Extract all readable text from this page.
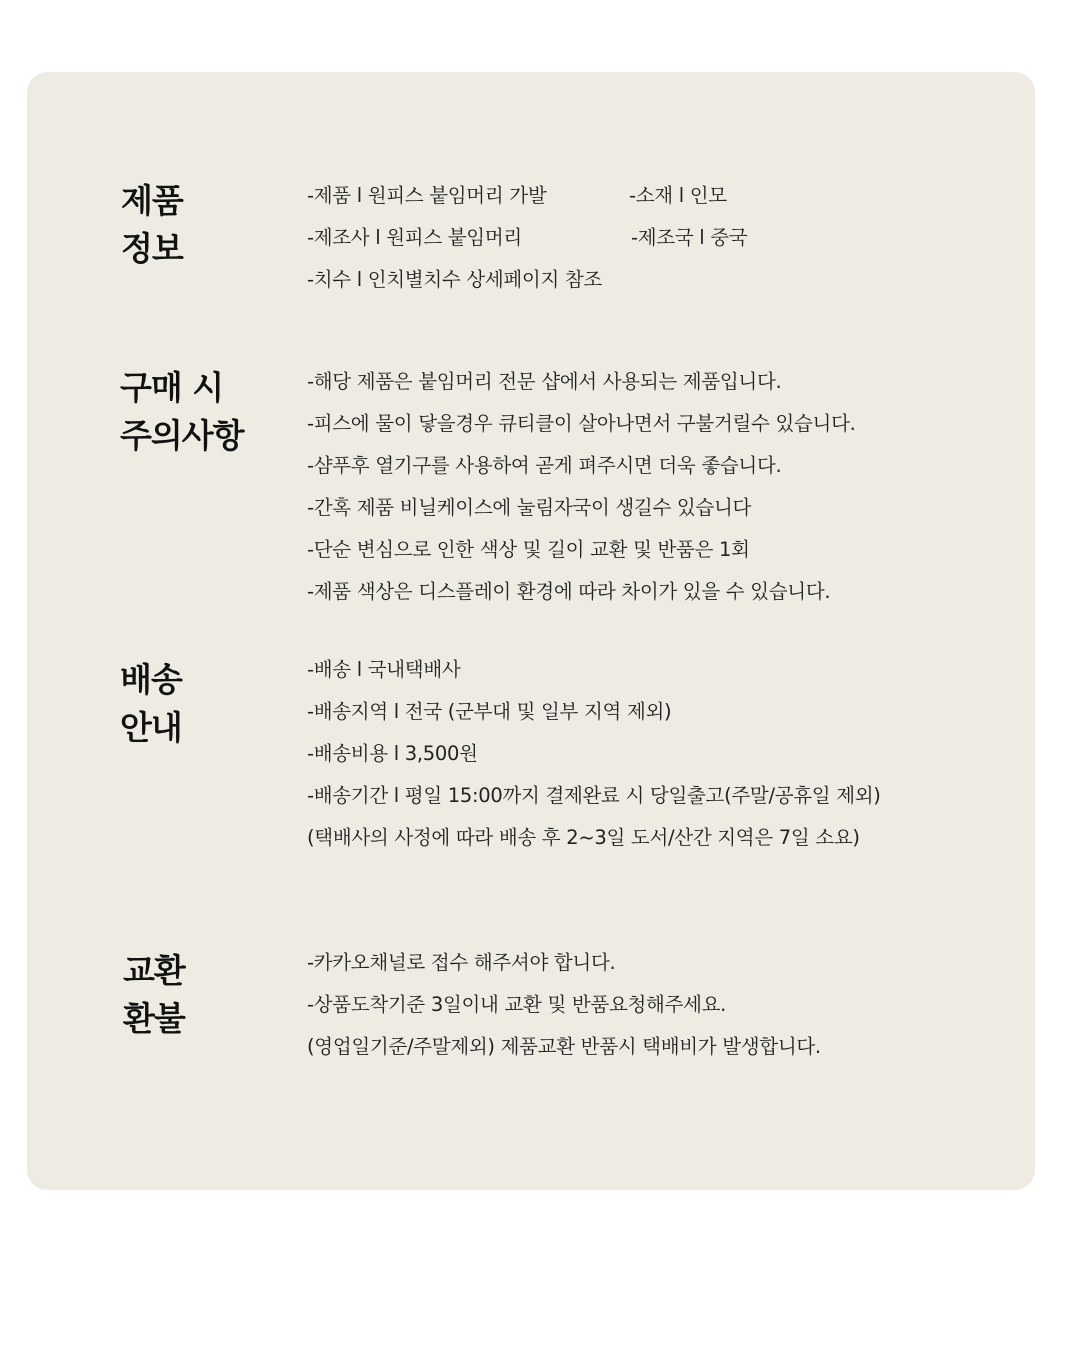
제품
정보
-제품 l 원피스 붙임머리 가발	-소재 l 인모
-제조사 l 원피스 붙임머리	-제조국 l 중국
-치수 l 인치별치수 상세페이지 참조
구매 시
주의사항
-해당 제품은 붙임머리 전문 샵에서 사용되는 제품입니다.
-피스에 물이 닿을경우 큐티클이 살아나면서 구불거릴수 있습니다.
-샴푸후 열기구를 사용하여 곧게 펴주시면 더욱 좋습니다.
-간혹 제품 비닐케이스에 눌림자국이 생길수 있습니다
-단순 변심으로 인한 색상 및 길이 교환 및 반품은 1회
-제품 색상은 디스플레이 환경에 따라 차이가 있을 수 있습니다.
배송
안내
-배송 l 국내택배사
-배송지역 l 전국 (군부대 및 일부 지역 제외)
-배송비용 l 3,500원
-배송기간 l 평일 15:00까지 결제완료 시 당일출고(주말/공휴일 제외)
(택배사의 사정에 따라 배송 후 2~3일 도서/산간 지역은 7일 소요)
교환
환불
-카카오채널로 접수 해주셔야 합니다.
-상품도착기준 3일이내 교환 및 반품요청해주세요.
(영업일기준/주말제외) 제품교환 반품시 택배비가 발생합니다.
